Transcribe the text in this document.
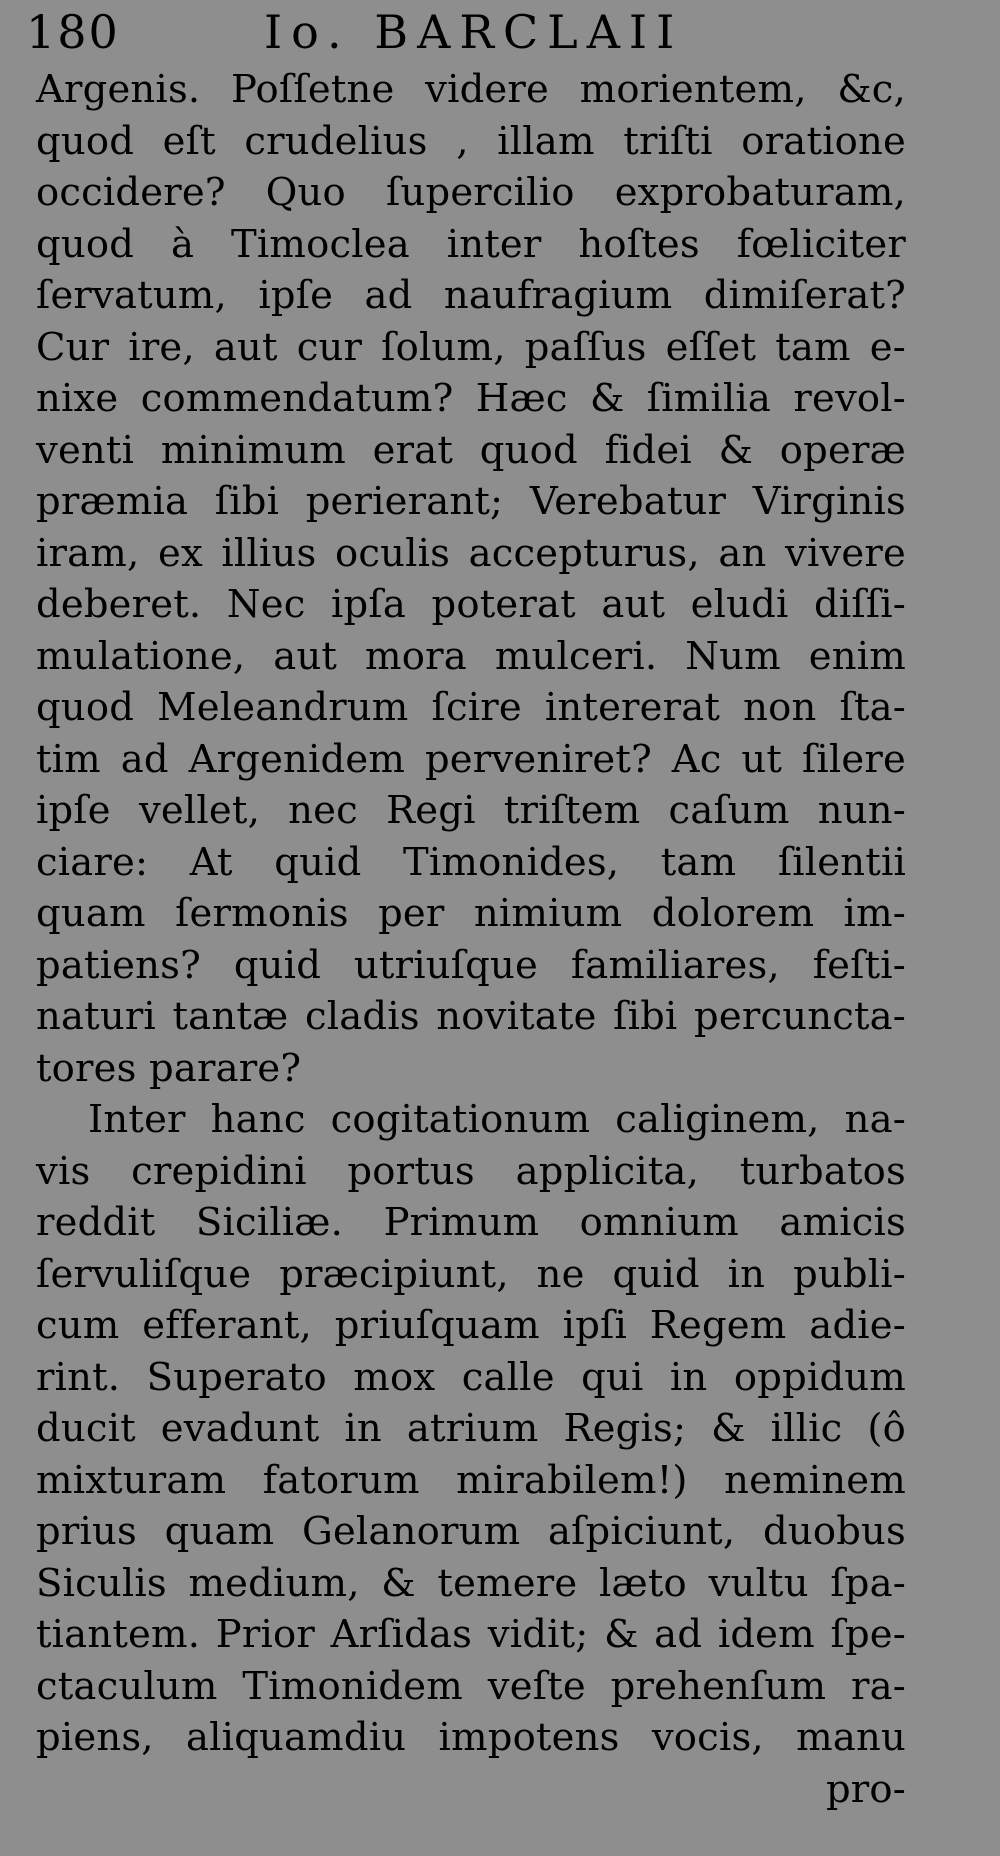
180	Io. BARCLAII
Argenis. Poſſetne videre morientem, &c,
quod eſt crudelius , illam triſti oratione
occidere? Quo ſupercilio exprobaturam,
quod à Timoclea inter hoſtes fœliciter
ſervatum, ipſe ad naufragium dimiſerat?
Cur ire, aut cur ſolum, paſſus eſſet tam e-
nixe commendatum? Hæc & ſimilia revol-
venti minimum erat quod fidei & operæ
præmia ſibi perierant; Verebatur Virginis
iram, ex illius oculis accepturus, an vivere
deberet. Nec ipſa poterat aut eludi diſſi-
mulatione, aut mora mulceri. Num enim
quod Meleandrum ſcire intererat non ſta-
tim ad Argenidem perveniret? Ac ut ſilere
ipſe vellet, nec Regi triſtem caſum nun-
ciare: At quid Timonides, tam ſilentii
quam ſermonis per nimium dolorem im-
patiens? quid utriuſque familiares, feſti-
naturi tantæ cladis novitate ſibi percunctа-
tores parare?
Inter hanc cogitationum caliginem, na-
vis crepidini portus applicita, turbatos
reddit Siciliæ. Primum omnium amicis
ſervuliſque præcipiunt, ne quid in publi-
cum efferant, priuſquam ipſi Regem adie-
rint. Superato mox calle qui in oppidum
ducit evadunt in atrium Regis; & illic (ô
mixturam fatorum mirabilem!) neminem
prius quam Gelanorum aſpiciunt, duobus
Siculis medium, & temere læto vultu ſpa-
tiantem. Prior Arſidas vidit; & ad idem ſpe-
ctaculum Timonidem veſte prehenſum ra-
piens, aliquamdiu impotens vocis, manu
pro-
